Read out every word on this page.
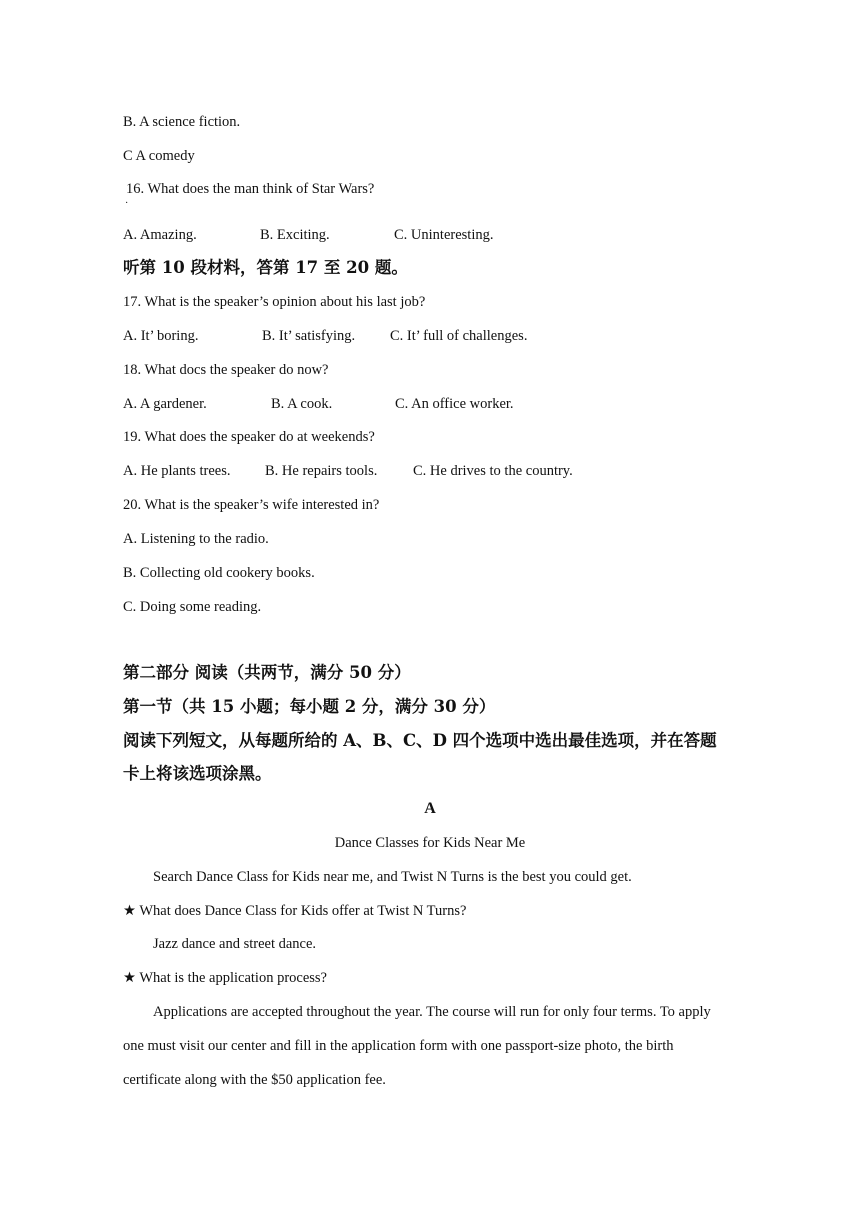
B. A science fiction.
C A comedy
16. What does the man think of Star Wars?
·
A. Amazing.	B. Exciting.	C. Uninteresting.
听第 10 段材料，答第 17 至 20 题。
17. What is the speaker’s opinion about his last job?
A. It’ boring.	B. It’ satisfying. C. It’ full of challenges.
18. What docs the speaker do now?
A. A gardener.	B. A cook.	C. An office worker.
19. What does the speaker do at weekends?
A. He plants trees. B. He repairs tools. C. He drives to the country.
20. What is the speaker’s wife interested in?
A. Listening to the radio.
B. Collecting old cookery books.
C. Doing some reading.
第二部分 阅读（共两节，满分 50 分）
第一节（共 15 小题；每小题 2 分，满分 30 分）
阅读下列短文，从每题所给的 A、B、C、D 四个选项中选出最佳选项，并在答题
卡上将该选项涂黑。
A
Dance Classes for Kids Near Me
Search Dance Class for Kids near me, and Twist N Turns is the best you could get.
★ What does Dance Class for Kids offer at Twist N Turns?
Jazz dance and street dance.
★ What is the application process?
Applications are accepted throughout the year. The course will run for only four terms. To apply
one must visit our center and fill in the application form with one passport-size photo, the birth
certificate along with the $50 application fee.
